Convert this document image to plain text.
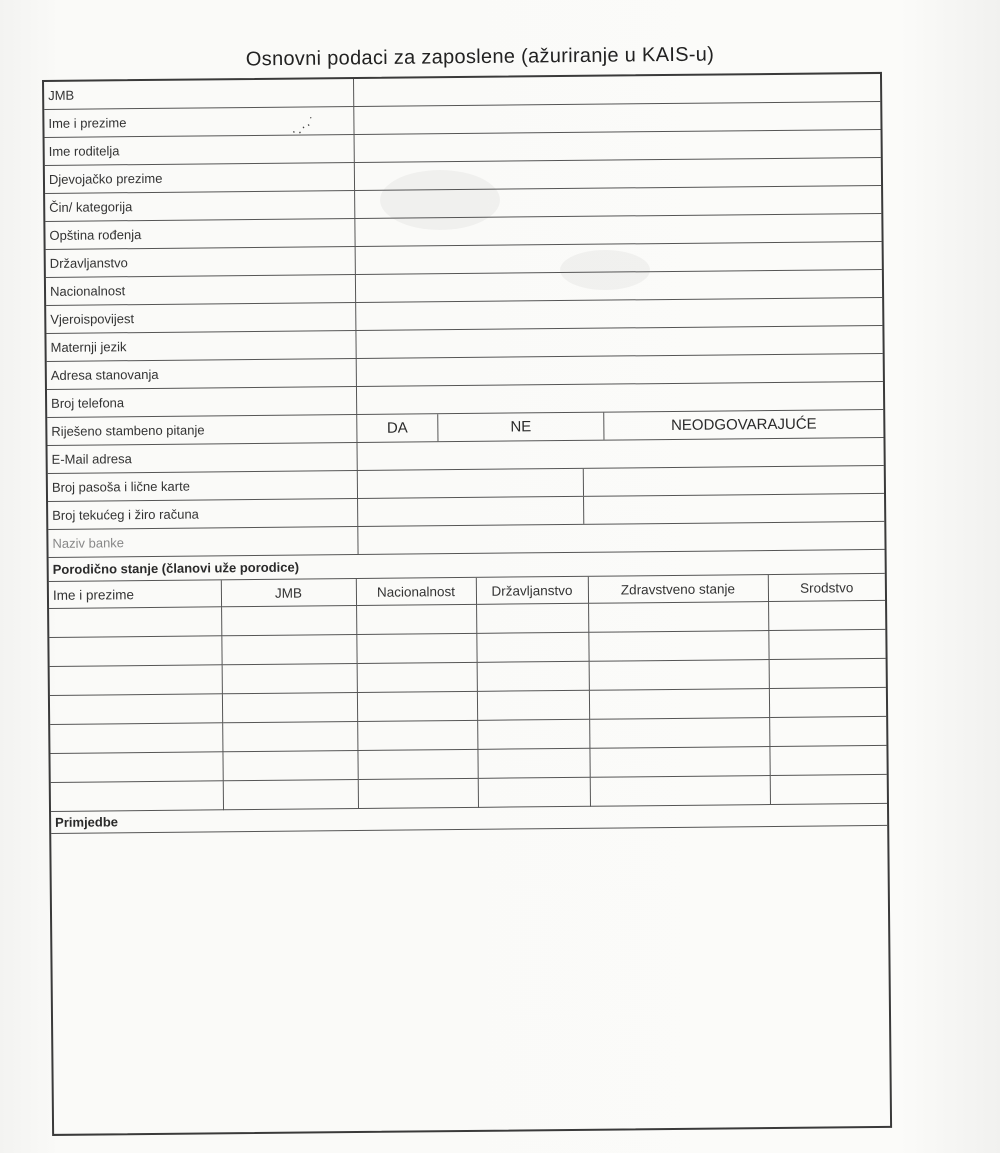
Osnovni podaci za zaposlene (ažuriranje u KAIS-u)
·.··˙
JMB
Ime i prezime
Ime roditelja
Djevojačko prezime
Čin/ kategorija
Opština rođenja
Državljanstvo
Nacionalnost
Vjeroispovijest
Maternji jezik
Adresa stanovanja
Broj telefona
Riješeno stambeno pitanje	DA	NE	NEODGOVARAJUĆE
E-Mail adresa
Broj pasoša i lične karte
Broj tekućeg i žiro računa
Naziv banke
Porodično stanje (članovi uže porodice)
Ime i prezime	JMB	Nacionalnost	Državljanstvo	Zdravstveno stanje	Srodstvo

Primjedbe
